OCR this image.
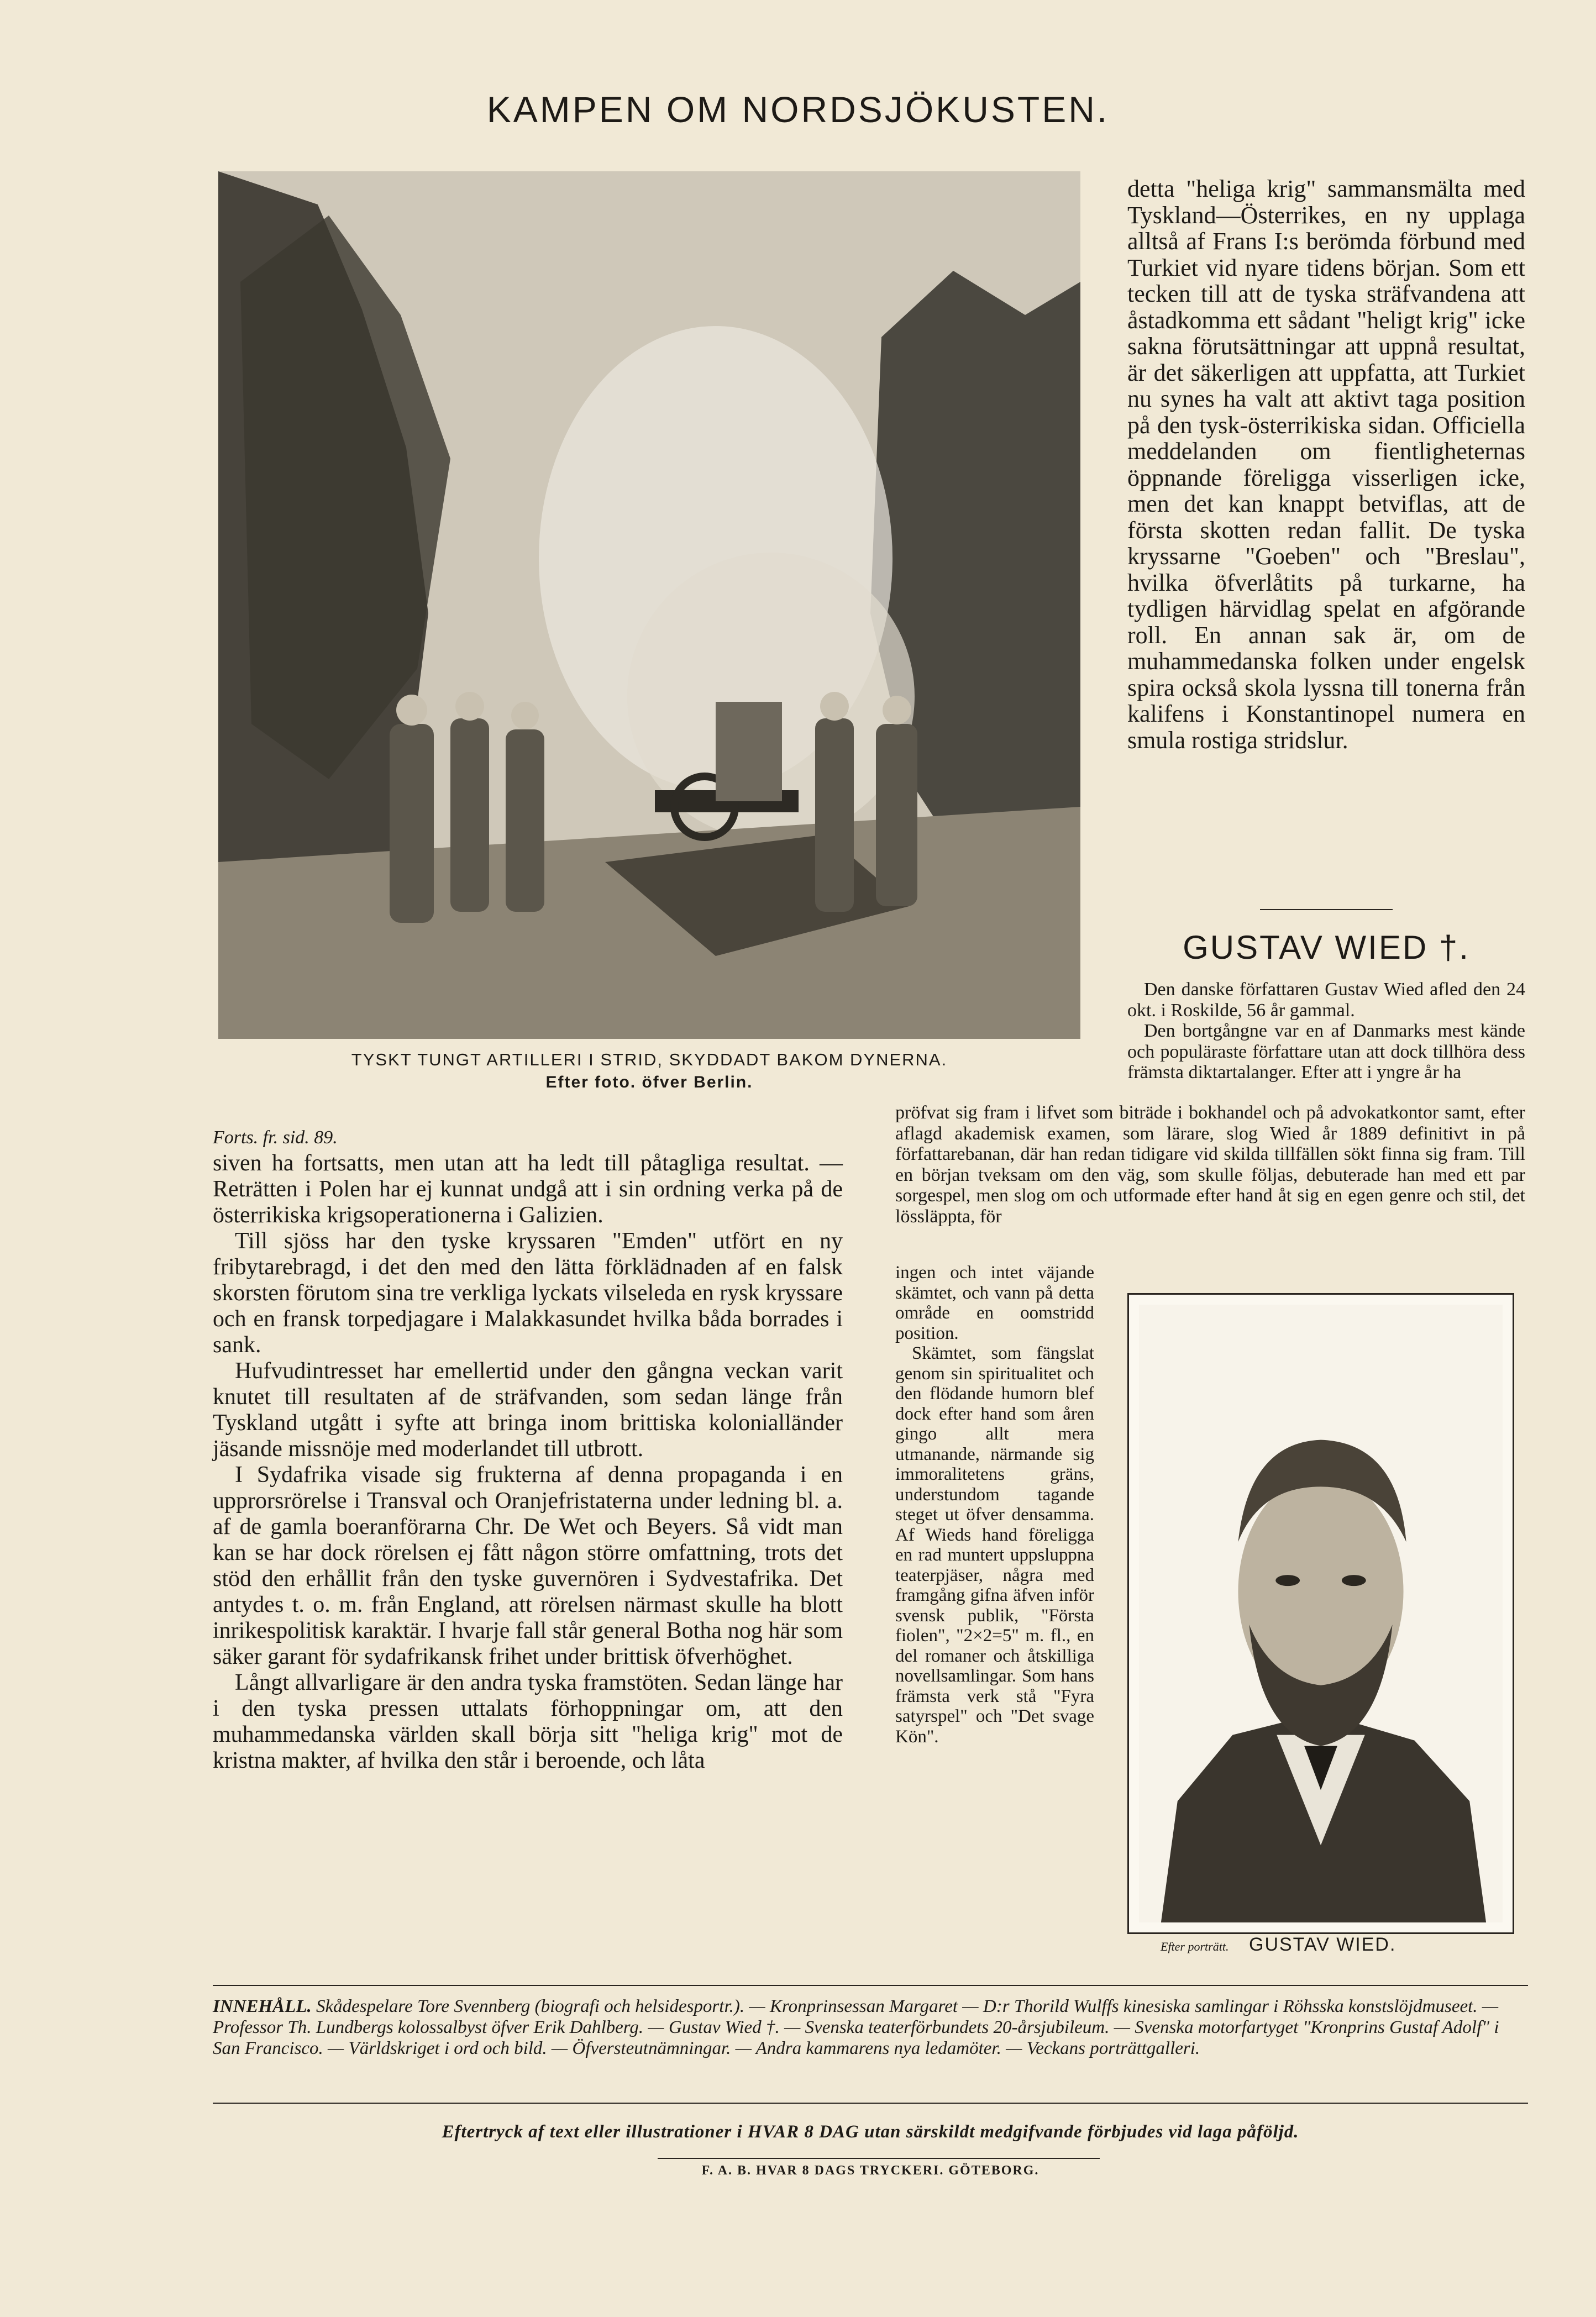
KAMPEN OM NORDSJÖKUSTEN.
TYSKT TUNGT ARTILLERI I STRID, SKYDDADT BAKOM DYNERNA.
Efter foto. öfver Berlin.

Forts. fr. sid. 89.

siven ha fortsatts, men utan att ha ledt till påtagliga resultat. — Reträtten i Polen har ej kunnat undgå att i sin ordning verka på de österrikiska krigsoperationerna i Galizien.

Till sjöss har den tyske kryssaren "Emden" utfört en ny fribytarebragd, i det den med den lätta förklädnaden af en falsk skorsten förutom sina tre verkliga lyckats vilseleda en rysk kryssare och en fransk torpedjagare i Malakkasundet hvilka båda borrades i sank.

Hufvudintresset har emellertid under den gångna veckan varit knutet till resultaten af de sträfvanden, som sedan länge från Tyskland utgått i syfte att bringa inom brittiska kolonialländer jäsande missnöje med moderlandet till utbrott.

I Sydafrika visade sig frukterna af denna propaganda i en upprorsrörelse i Transval och Oranjefristaterna under ledning bl. a. af de gamla boeranförarna Chr. De Wet och Beyers. Så vidt man kan se har dock rörelsen ej fått någon större omfattning, trots det stöd den erhållit från den tyske guvernören i Sydvestafrika. Det antydes t. o. m. från England, att rörelsen närmast skulle ha blott inrikespolitisk karaktär. I hvarje fall står general Botha nog här som säker garant för sydafrikansk frihet under brittisk öfverhöghet.

Långt allvarligare är den andra tyska framstöten. Sedan länge har i den tyska pressen uttalats förhoppningar om, att den muhammedanska världen skall börja sitt "heliga krig" mot de kristna makter, af hvilka den står i beroende, och låta

detta "heliga krig" sammansmälta med Tyskland—Österrikes, en ny upplaga alltså af Frans I:s berömda förbund med Turkiet vid nyare tidens början. Som ett tecken till att de tyska sträfvandena att åstadkomma ett sådant "heligt krig" icke sakna förutsättningar att uppnå resultat, är det säkerligen att uppfatta, att Turkiet nu synes ha valt att aktivt taga position på den tysk-österrikiska sidan. Officiella meddelanden om fientligheternas öppnande föreligga visserligen icke, men det kan knappt betviflas, att de första skotten redan fallit. De tyska kryssarne "Goeben" och "Breslau", hvilka öfverlåtits på turkarne, ha tydligen härvidlag spelat en afgörande roll. En annan sak är, om de muhammedanska folken under engelsk spira också skola lyssna till tonerna från kalifens i Konstantinopel numera en smula rostiga stridslur.

GUSTAV WIED †.

Den danske författaren Gustav Wied afled den 24 okt. i Roskilde, 56 år gammal.

Den bortgångne var en af Danmarks mest kände och populäraste författare utan att dock tillhöra dess främsta diktartalanger. Efter att i yngre år ha

pröfvat sig fram i lifvet som biträde i bokhandel och på advokatkontor samt, efter aflagd akademisk examen, som lärare, slog Wied år 1889 definitivt in på författarebanan, där han redan tidigare vid skilda tillfällen sökt finna sig fram. Till en början tveksam om den väg, som skulle följas, debuterade han med ett par sorgespel, men slog om och utformade efter hand åt sig en egen genre och stil, det lössläppta, för

ingen och intet väjande skämtet, och vann på detta område en oomstridd position.

Skämtet, som fängslat genom sin spiritualitet och den flödande humorn blef dock efter hand som åren gingo allt mera utmanande, närmande sig immoralitetens gräns, understundom tagande steget ut öfver densamma. Af Wieds hand föreligga en rad muntert uppsluppna teaterpjäser, några med framgång gifna äfven inför svensk publik, "Första fiolen", "2×2=5" m. fl., en del romaner och åtskilliga novellsamlingar. Som hans främsta verk stå "Fyra satyrspel" och "Det svage Kön".

Efter porträtt. GUSTAV WIED.
INNEHÅLL. Skådespelare Tore Svennberg (biografi och helsidesportr.). — Kronprinsessan Margaret — D:r Thorild Wulffs kinesiska samlingar i Röhsska konstslöjdmuseet. — Professor Th. Lundbergs kolossalbyst öfver Erik Dahlberg. — Gustav Wied †. — Svenska teaterförbundets 20-årsjubileum. — Svenska motorfartyget "Kronprins Gustaf Adolf" i San Francisco. — Världskriget i ord och bild. — Öfversteutnämningar. — Andra kammarens nya ledamöter. — Veckans porträttgalleri.
Eftertryck af text eller illustrationer i HVAR 8 DAG utan särskildt medgifvande förbjudes vid laga påföljd.
F. A. B. HVAR 8 DAGS TRYCKERI. GÖTEBORG.
